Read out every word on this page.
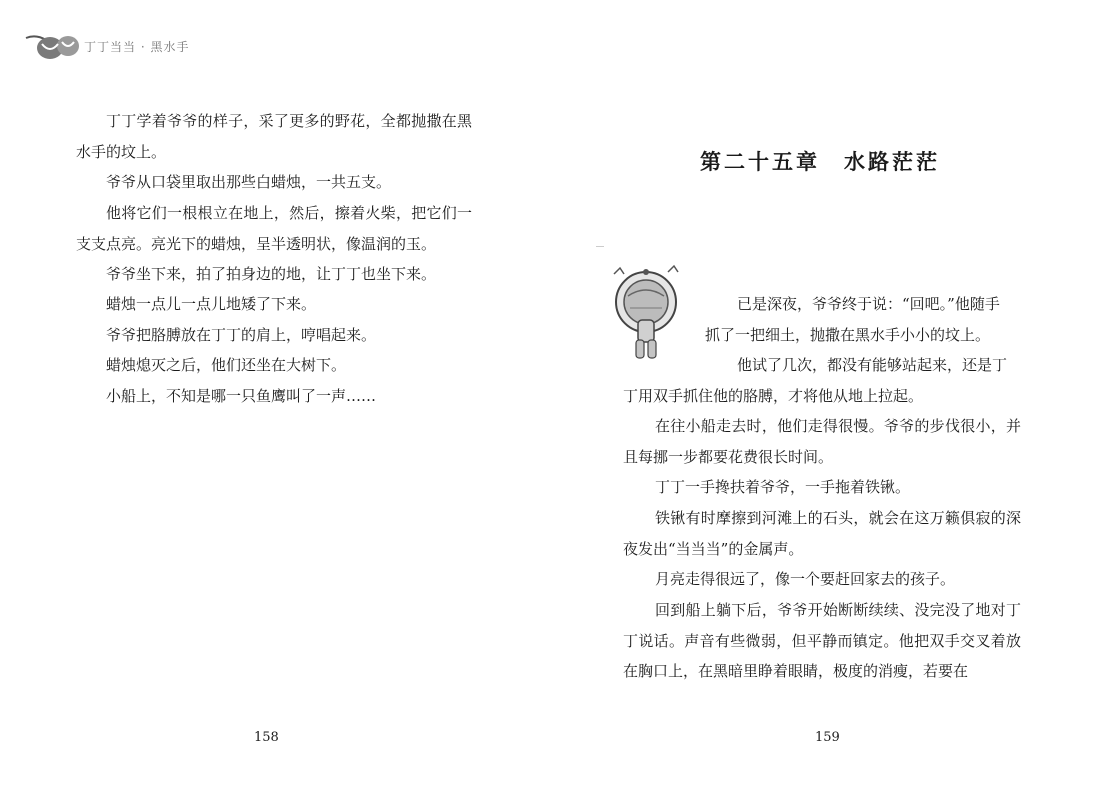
丁丁当当 · 黑水手

丁丁学着爷爷的样子，采了更多的野花，全都抛撒在黑水手的坟上。

爷爷从口袋里取出那些白蜡烛，一共五支。

他将它们一根根立在地上，然后，擦着火柴，把它们一支支点亮。亮光下的蜡烛，呈半透明状，像温润的玉。

爷爷坐下来，拍了拍身边的地，让丁丁也坐下来。

蜡烛一点儿一点儿地矮了下来。

爷爷把胳膊放在丁丁的肩上，哼唱起来。

蜡烛熄灭之后，他们还坐在大树下。

小船上，不知是哪一只鱼鹰叫了一声……

158
第二十五章　水路茫茫

已是深夜，爷爷终于说：“回吧。”他随手

抓了一把细土，抛撒在黑水手小小的坟上。

他试了几次，都没有能够站起来，还是丁

丁用双手抓住他的胳膊，才将他从地上拉起。

在往小船走去时，他们走得很慢。爷爷的步伐很小，并且每挪一步都要花费很长时间。

丁丁一手搀扶着爷爷，一手拖着铁锹。

铁锹有时摩擦到河滩上的石头，就会在这万籁俱寂的深夜发出“当当当”的金属声。

月亮走得很远了，像一个要赶回家去的孩子。

回到船上躺下后，爷爷开始断断续续、没完没了地对丁丁说话。声音有些微弱，但平静而镇定。他把双手交叉着放在胸口上，在黑暗里睁着眼睛，极度的消瘦，若要在

159
